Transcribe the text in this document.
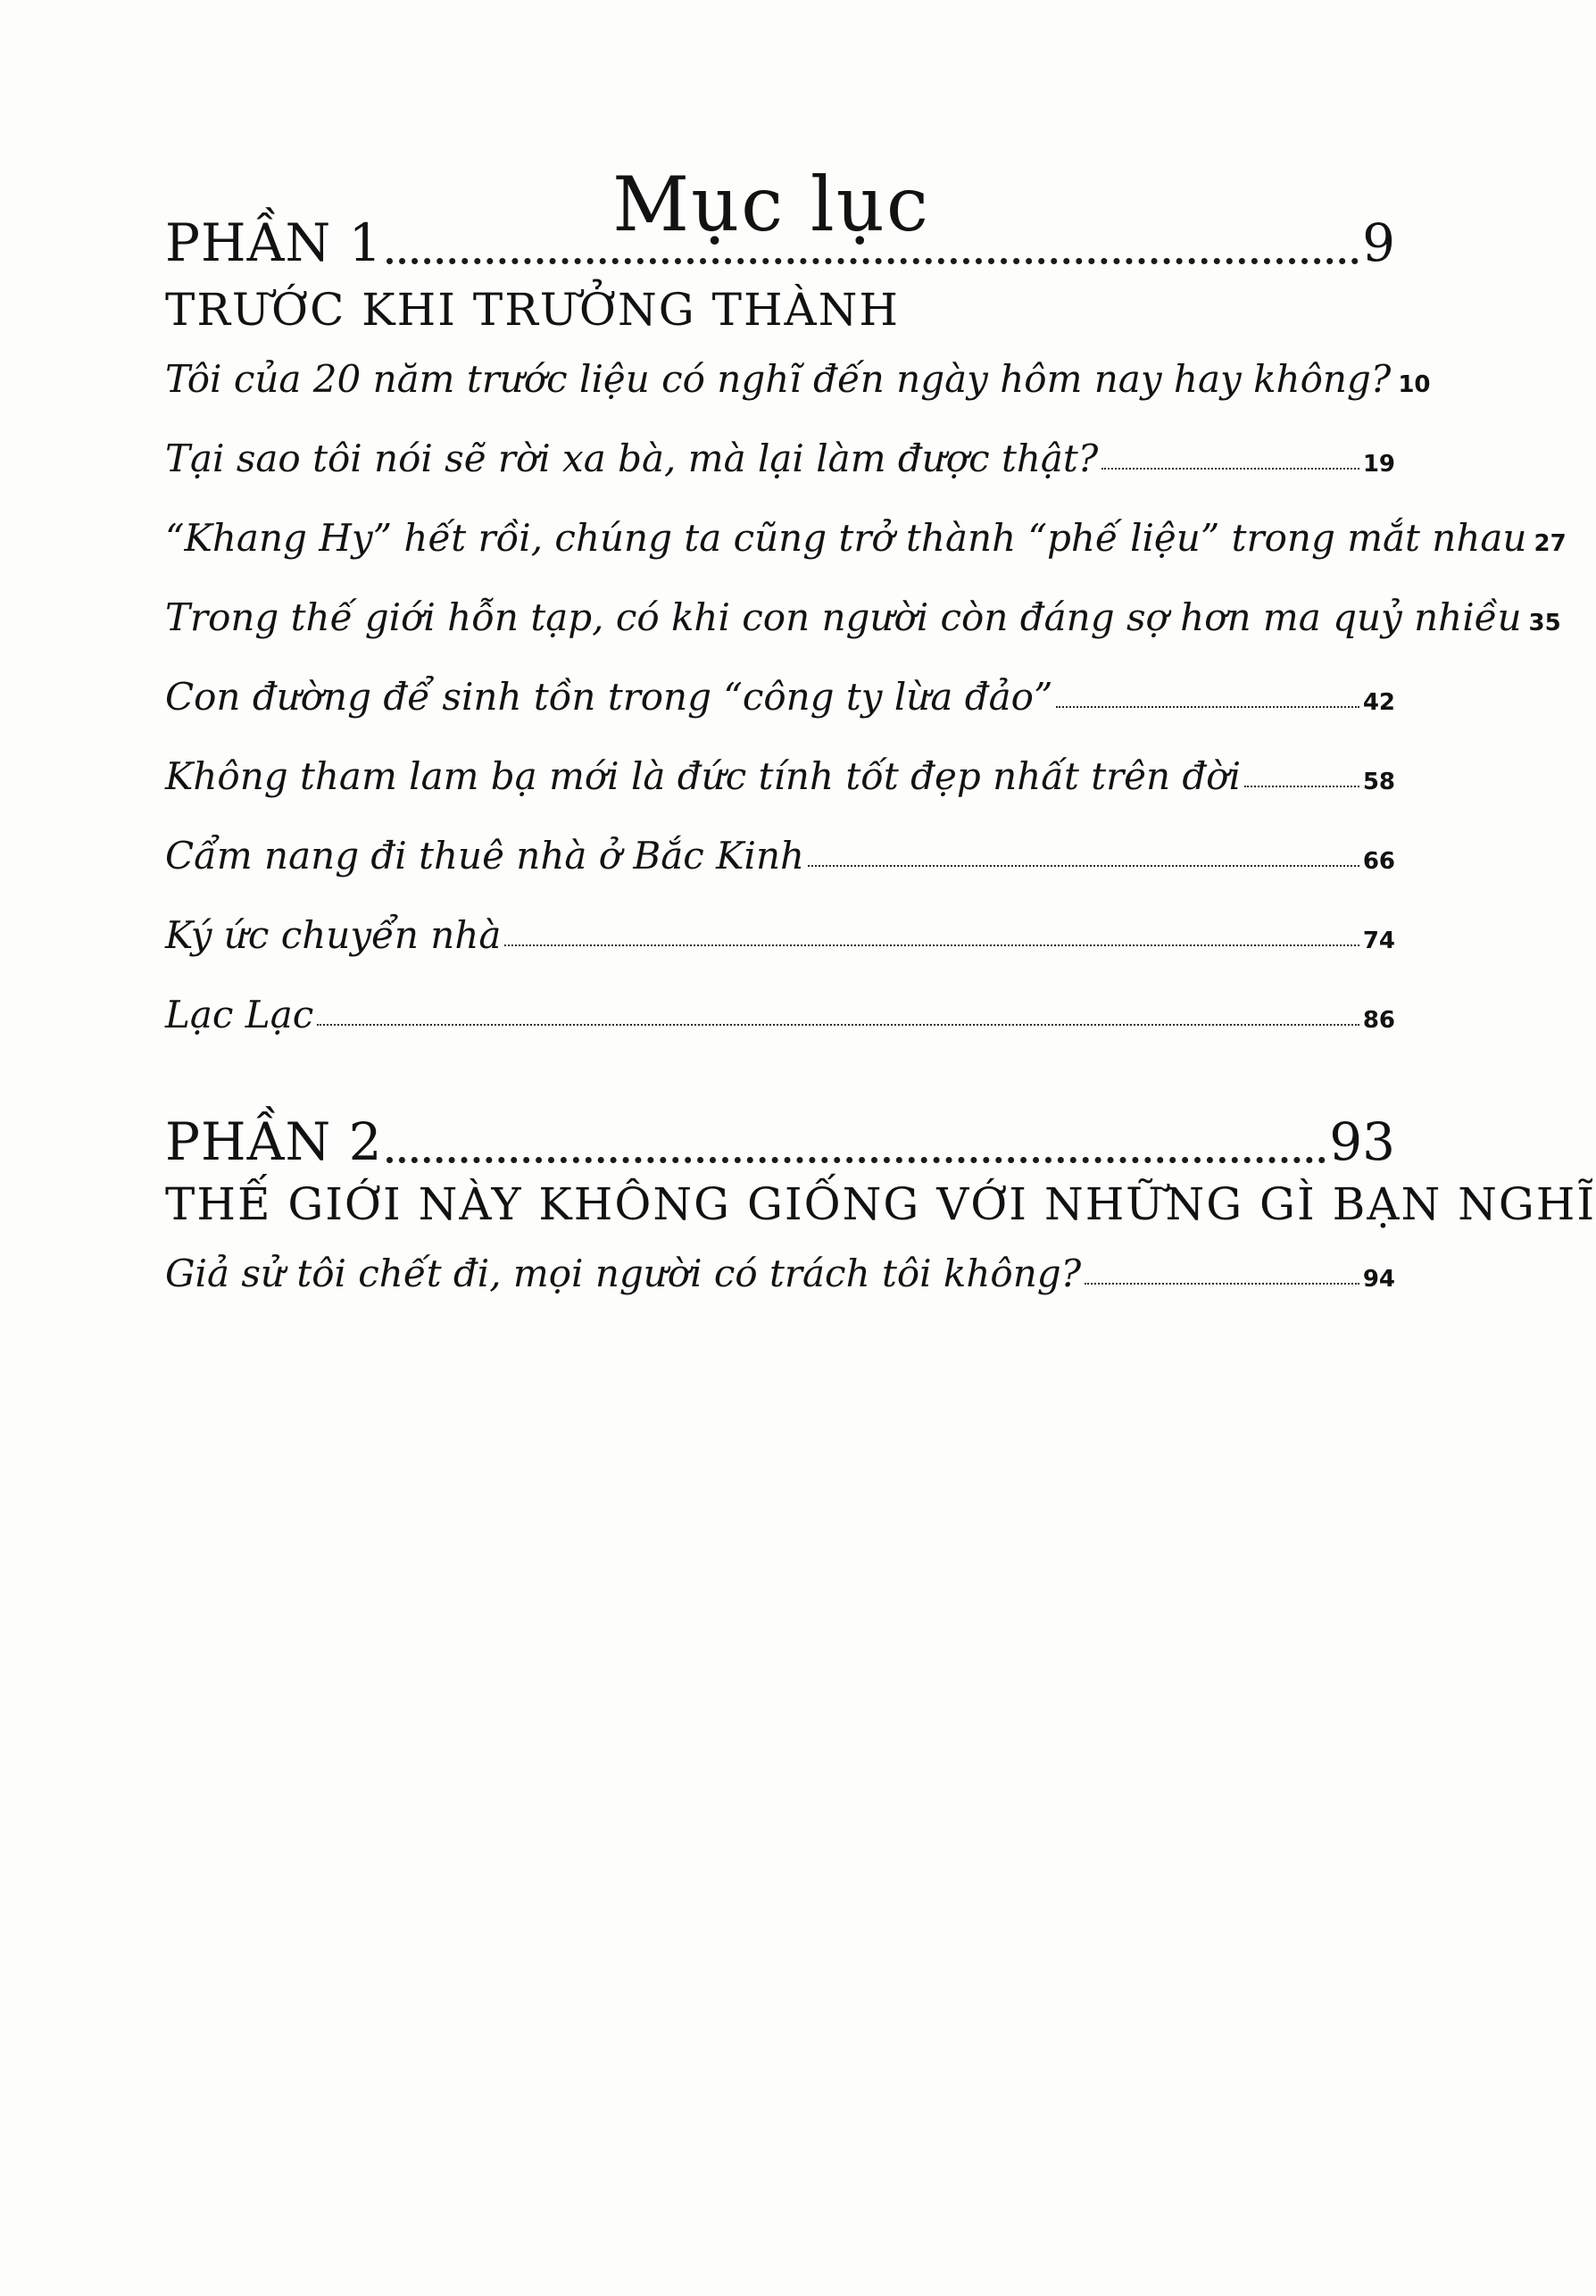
Mục lục
PHẦN 1	9
TRƯỚC KHI TRƯỞNG THÀNH
Tôi của 20 năm trước liệu có nghĩ đến ngày hôm nay hay không? 10
Tại sao tôi nói sẽ rời xa bà, mà lại làm được thật?	19
“Khang Hy” hết rồi, chúng ta cũng trở thành “phế liệu” trong mắt nhau 27
Trong thế giới hỗn tạp, có khi con người còn đáng sợ hơn ma quỷ nhiều 35
Con đường để sinh tồn trong “công ty lừa đảo”	42
Không tham lam bạ mới là đức tính tốt đẹp nhất trên đời	58
Cẩm nang đi thuê nhà ở Bắc Kinh	66
Ký ức chuyển nhà	74
Lạc Lạc	86
PHẦN 2	93
THẾ GIỚI NÀY KHÔNG GIỐNG VỚI NHỮNG GÌ BẠN NGHĨ
Giả sử tôi chết đi, mọi người có trách tôi không?	94
